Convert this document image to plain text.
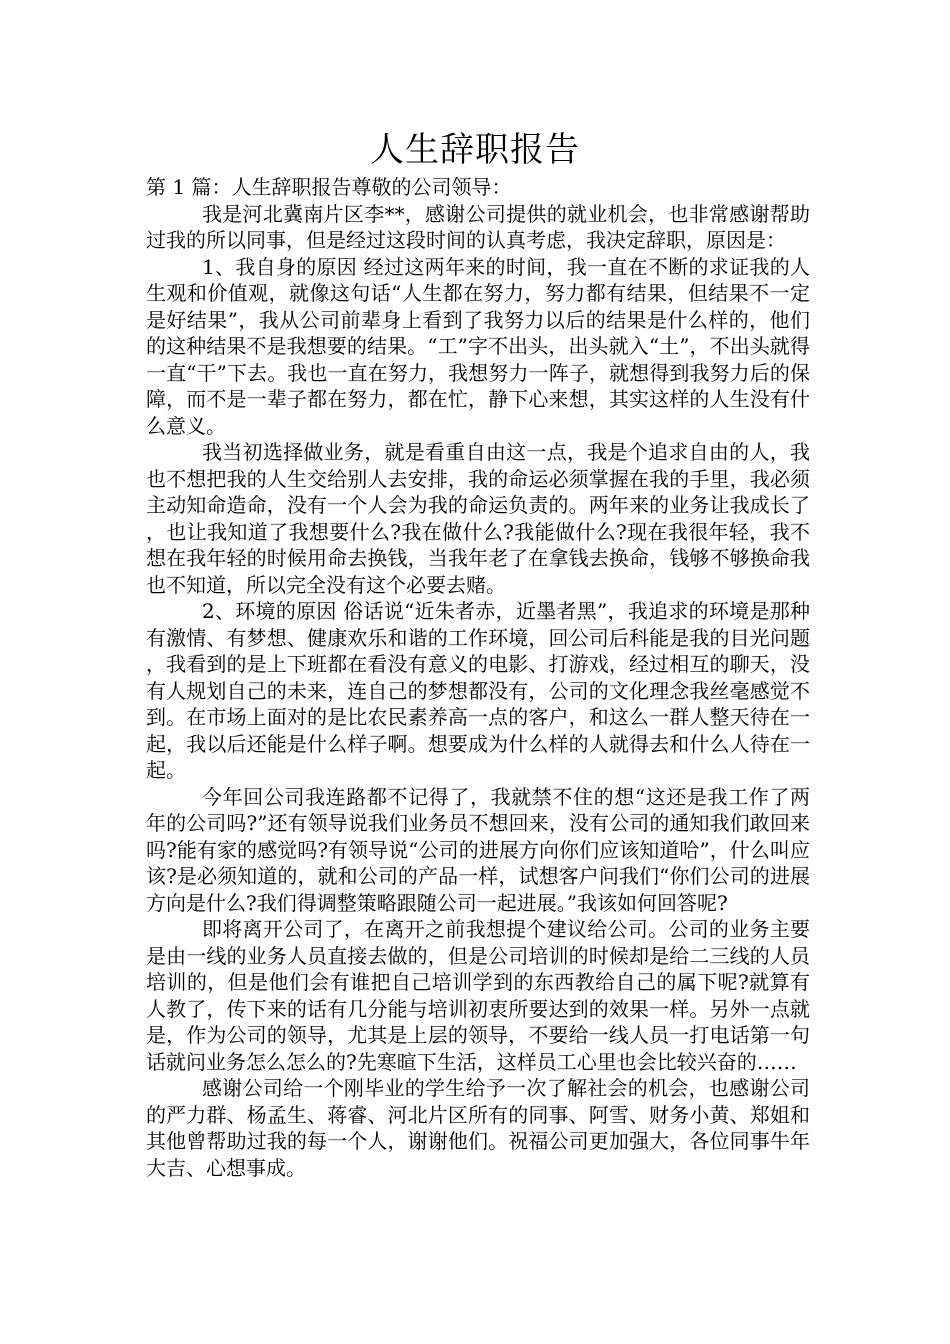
人生辞职报告

第 1 篇：人生辞职报告尊敬的公司领导：

我是河北冀南片区李**，感谢公司提供的就业机会，也非常感谢帮助过我的所以同事，但是经过这段时间的认真考虑，我决定辞职，原因是：

1、我自身的原因 经过这两年来的时间，我一直在不断的求证我的人生观和价值观，就像这句话“人生都在努力，努力都有结果，但结果不一定是好结果”，我从公司前辈身上看到了我努力以后的结果是什么样的，他们的这种结果不是我想要的结果。“工”字不出头，出头就入“土”，不出头就得一直“干”下去。我也一直在努力，我想努力一阵子，就想得到我努力后的保障，而不是一辈子都在努力，都在忙，静下心来想，其实这样的人生没有什么意义。

我当初选择做业务，就是看重自由这一点，我是个追求自由的人，我也不想把我的人生交给别人去安排，我的命运必须掌握在我的手里，我必须主动知命造命，没有一个人会为我的命运负责的。两年来的业务让我成长了，也让我知道了我想要什么?我在做什么?我能做什么?现在我很年轻，我不想在我年轻的时候用命去换钱，当我年老了在拿钱去换命，钱够不够换命我也不知道，所以完全没有这个必要去赌。

2、环境的原因 俗话说“近朱者赤，近墨者黑”，我追求的环境是那种有激情、有梦想、健康欢乐和谐的工作环境，回公司后科能是我的目光问题，我看到的是上下班都在看没有意义的电影、打游戏，经过相互的聊天，没有人规划自己的未来，连自己的梦想都没有，公司的文化理念我丝毫感觉不到。在市场上面对的是比农民素养高一点的客户，和这么一群人整天待在一起，我以后还能是什么样子啊。想要成为什么样的人就得去和什么人待在一起。

今年回公司我连路都不记得了，我就禁不住的想“这还是我工作了两年的公司吗?”还有领导说我们业务员不想回来，没有公司的通知我们敢回来吗?能有家的感觉吗?有领导说“公司的进展方向你们应该知道哈”，什么叫应该?是必须知道的，就和公司的产品一样，试想客户问我们“你们公司的进展方向是什么?我们得调整策略跟随公司一起进展。”我该如何回答呢?

即将离开公司了，在离开之前我想提个建议给公司。公司的业务主要是由一线的业务人员直接去做的，但是公司培训的时候却是给二三线的人员培训的，但是他们会有谁把自己培训学到的东西教给自己的属下呢?就算有人教了，传下来的话有几分能与培训初衷所要达到的效果一样。另外一点就是，作为公司的领导，尤其是上层的领导，不要给一线人员一打电话第一句话就问业务怎么怎么的?先寒暄下生活，这样员工心里也会比较兴奋的……

感谢公司给一个刚毕业的学生给予一次了解社会的机会，也感谢公司的严力群、杨孟生、蒋睿、河北片区所有的同事、阿雪、财务小黄、郑姐和其他曾帮助过我的每一个人，谢谢他们。祝福公司更加强大，各位同事牛年大吉、心想事成。
